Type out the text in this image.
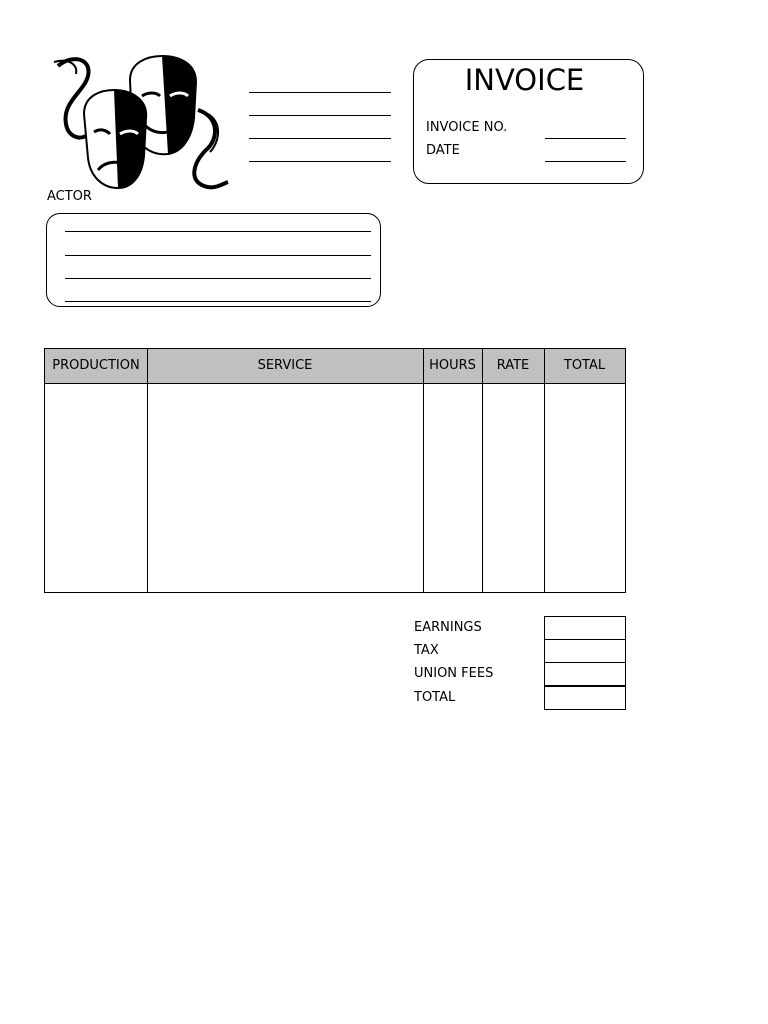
INVOICE
INVOICE NO.
DATE
ACTOR
PRODUCTION	SERVICE	HOURS	RATE	TOTAL
EARNINGS
TAX
UNION FEES
TOTAL
